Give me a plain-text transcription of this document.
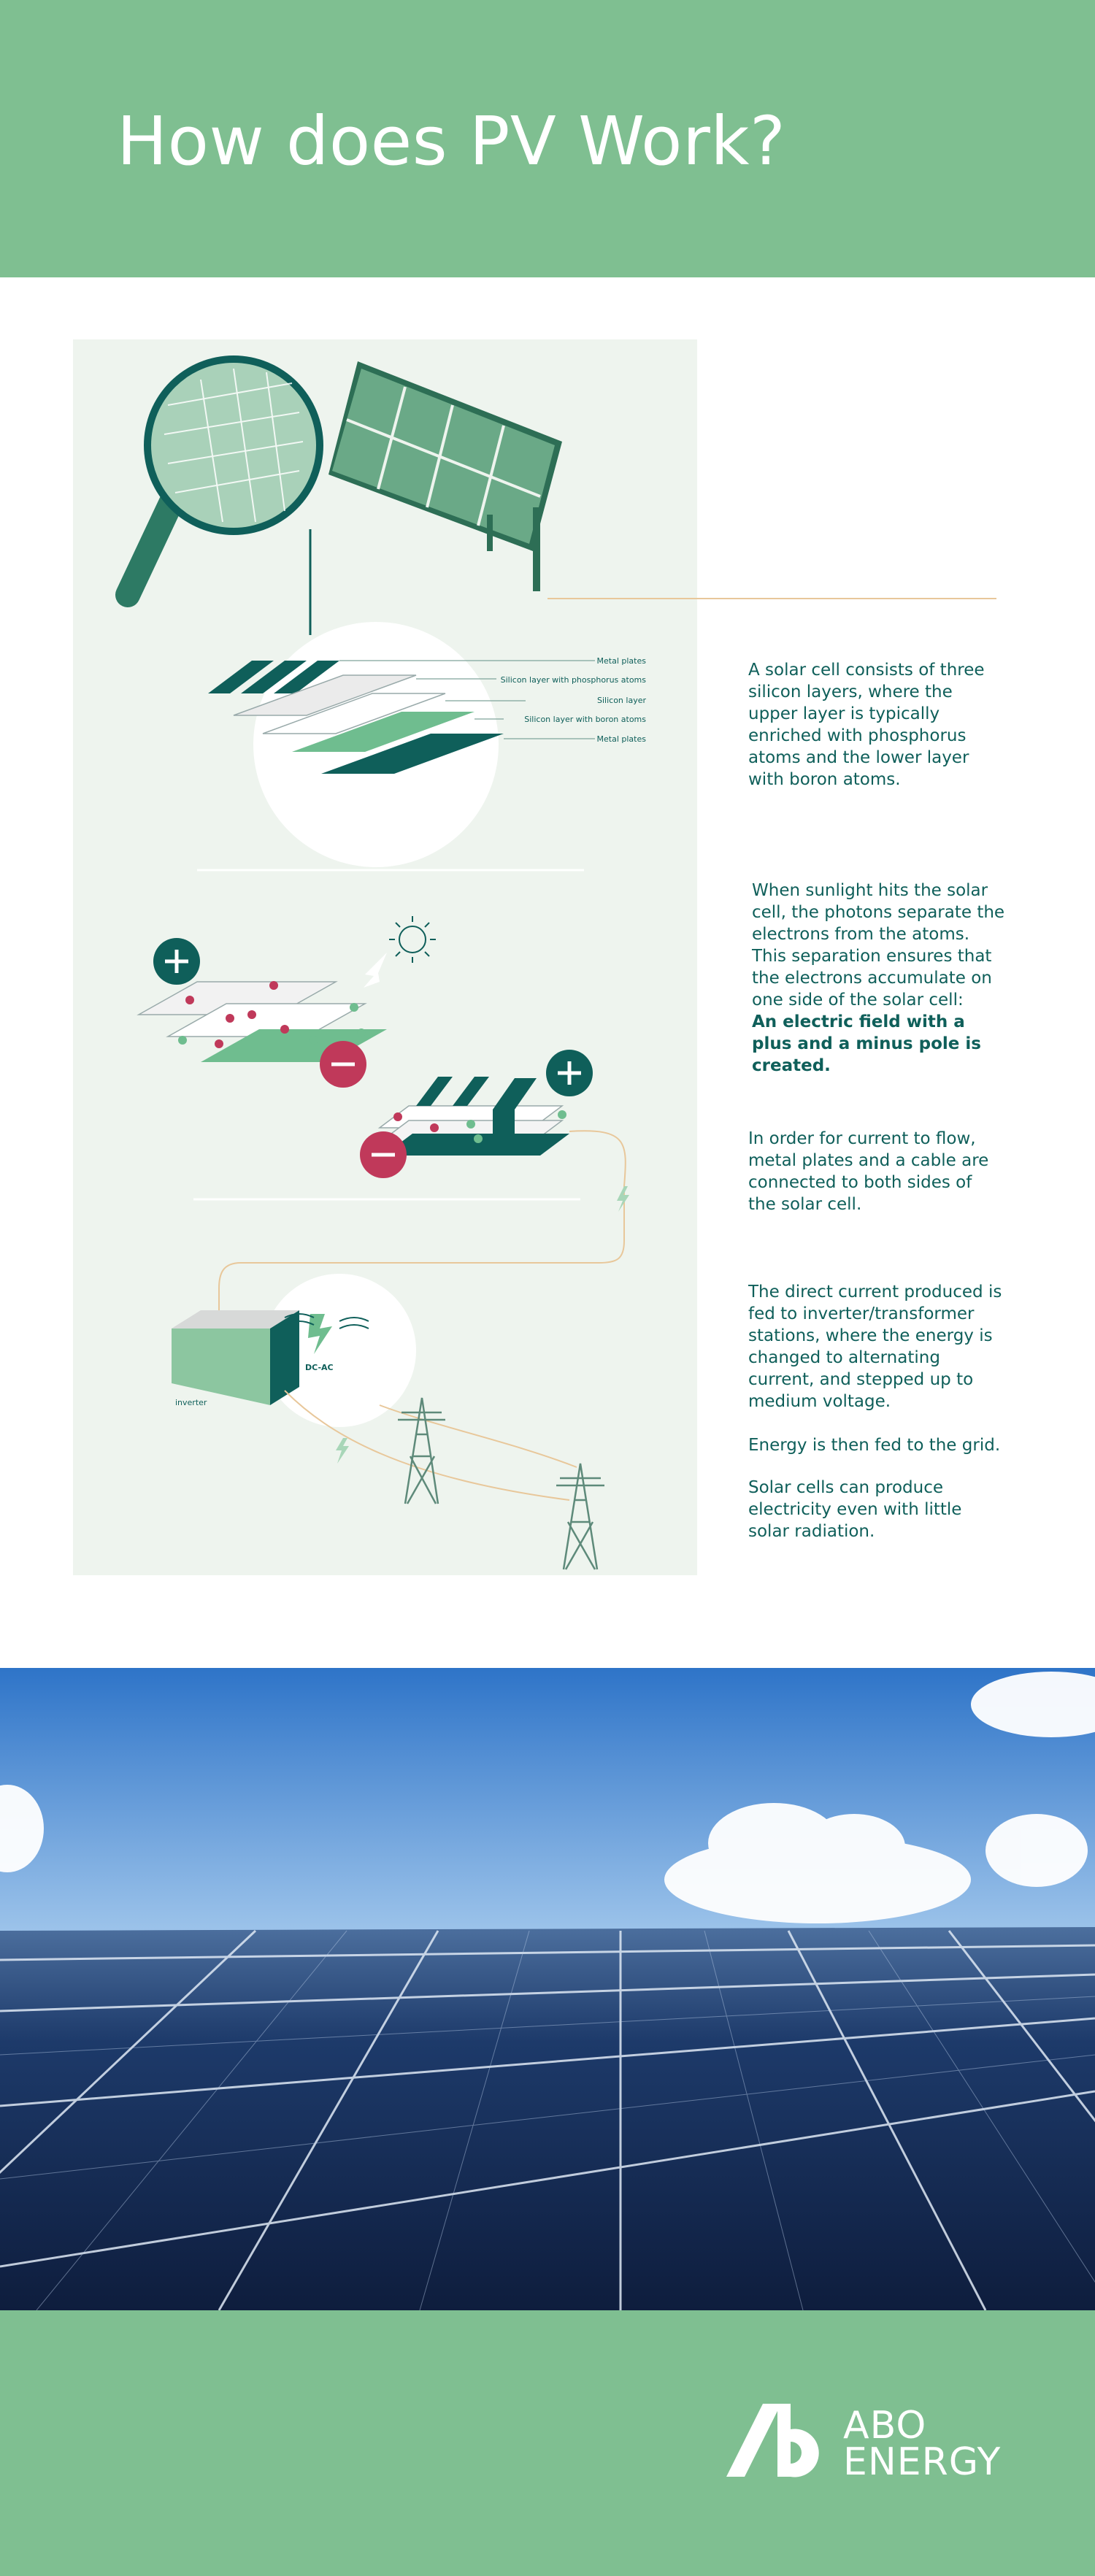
How does PV Work?
Metal plates
Silicon layer with phosphorus atoms
Silicon layer
Silicon layer with boron atoms
Metal plates
inverter
DC-AC

A solar cell consists of three silicon layers, where the upper layer is typically enriched with phosphorus atoms and the lower layer with boron atoms.

When sunlight hits the solar cell, the photons separate the electrons from the atoms. This separation ensures that the electrons accumulate on one side of the solar cell:
An electric field with a plus and a minus pole is created.

In order for current to flow, metal plates and a cable are connected to both sides of the solar cell.

The direct current produced is fed to inverter/transformer stations, where the energy is changed to alternating current, and stepped up to medium voltage.

Energy is then fed to the grid.

Solar cells can produce electricity even with little solar radiation.

ABO
ENERGY
